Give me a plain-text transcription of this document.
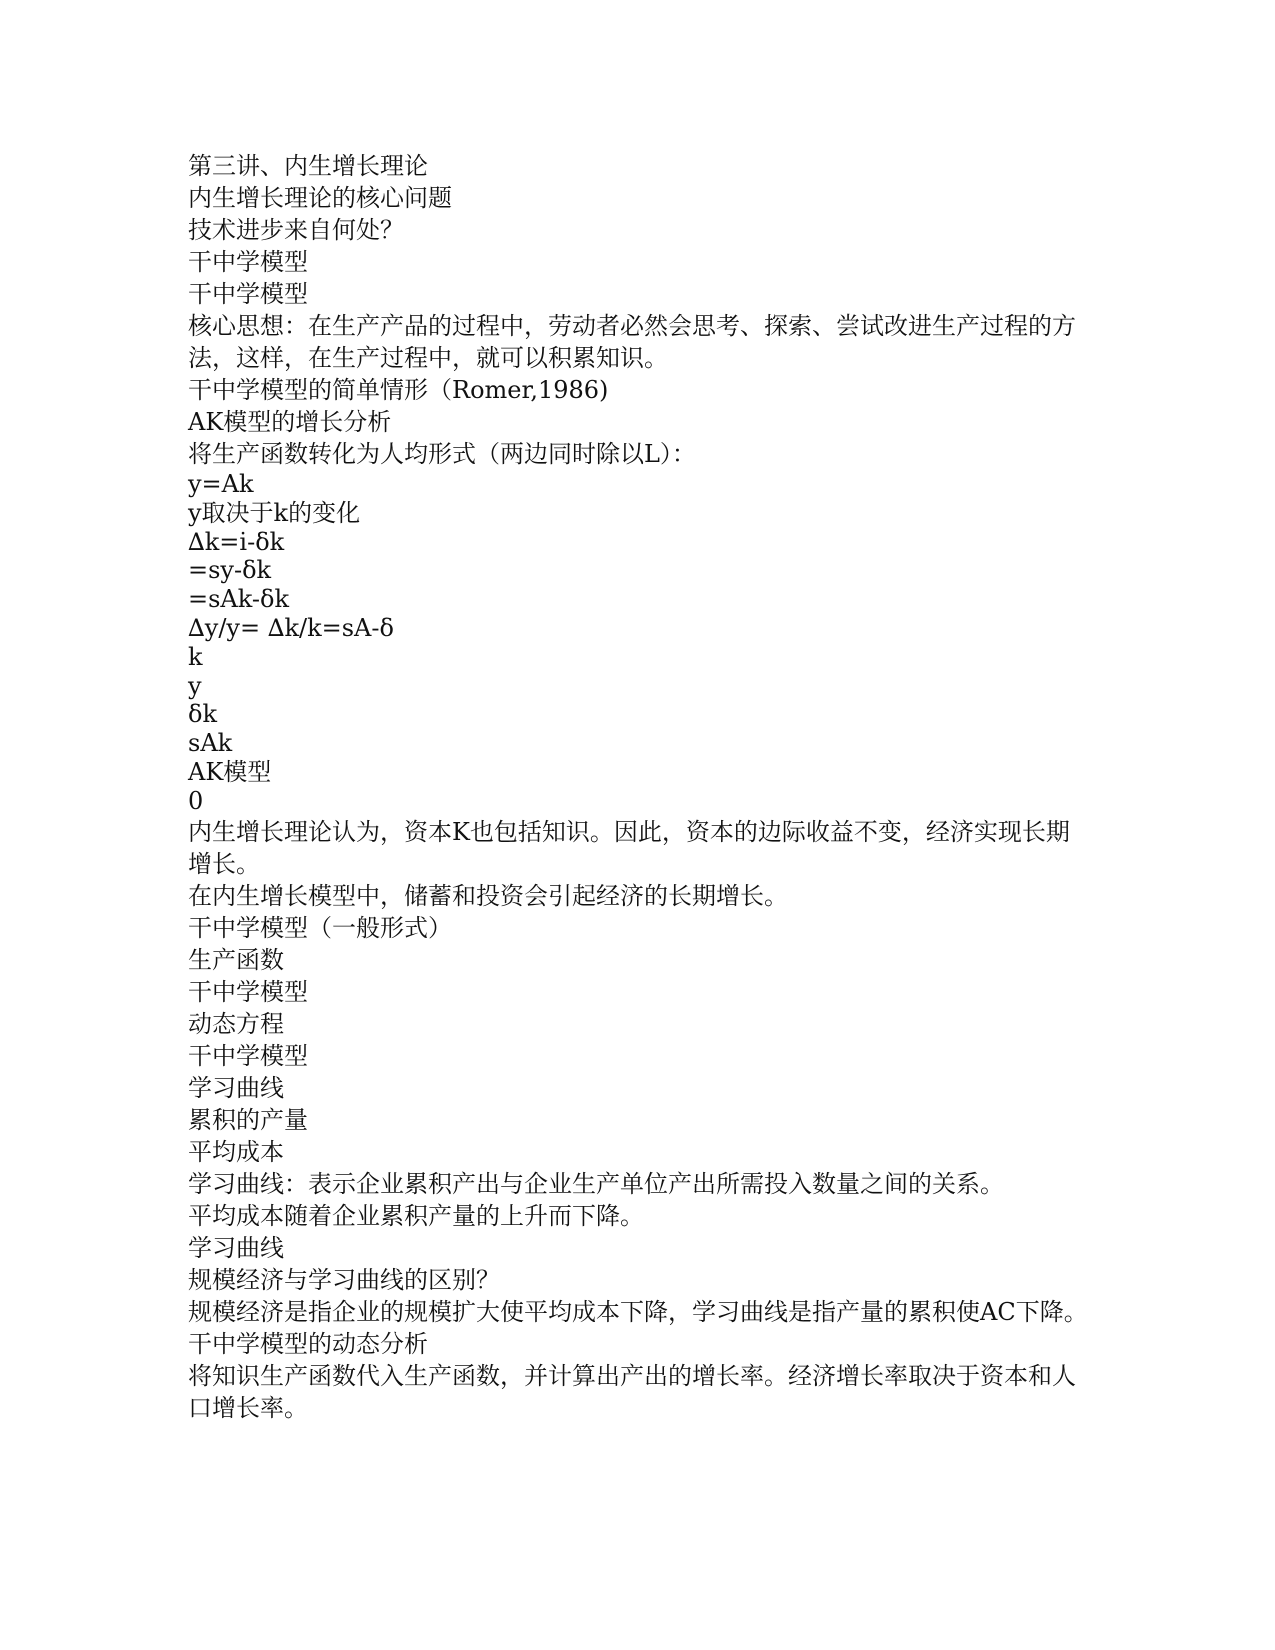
第三讲、内生增长理论

内生增长理论的核心问题

技术进步来自何处？

干中学模型

干中学模型

核心思想：在生产产品的过程中，劳动者必然会思考、探索、尝试改进生产过程的方法，这样，在生产过程中，就可以积累知识。

干中学模型的简单情形（Romer,1986)

AK模型的增长分析

将生产函数转化为人均形式（两边同时除以L）：

y=Ak

y取决于k的变化

∆k=i-δk

=sy-δk

=sAk-δk

∆y/y= ∆k/k=sA-δ

k

y

δk

sAk

AK模型

0

内生增长理论认为，资本K也包括知识。因此，资本的边际收益不变，经济实现长期增长。

在内生增长模型中，储蓄和投资会引起经济的长期增长。

干中学模型（一般形式）

生产函数

干中学模型

动态方程

干中学模型

学习曲线

累积的产量

平均成本

学习曲线：表示企业累积产出与企业生产单位产出所需投入数量之间的关系。

平均成本随着企业累积产量的上升而下降。

学习曲线

规模经济与学习曲线的区别？

规模经济是指企业的规模扩大使平均成本下降，学习曲线是指产量的累积使AC下降。

干中学模型的动态分析

将知识生产函数代入生产函数，并计算出产出的增长率。经济增长率取决于资本和人口增长率。
